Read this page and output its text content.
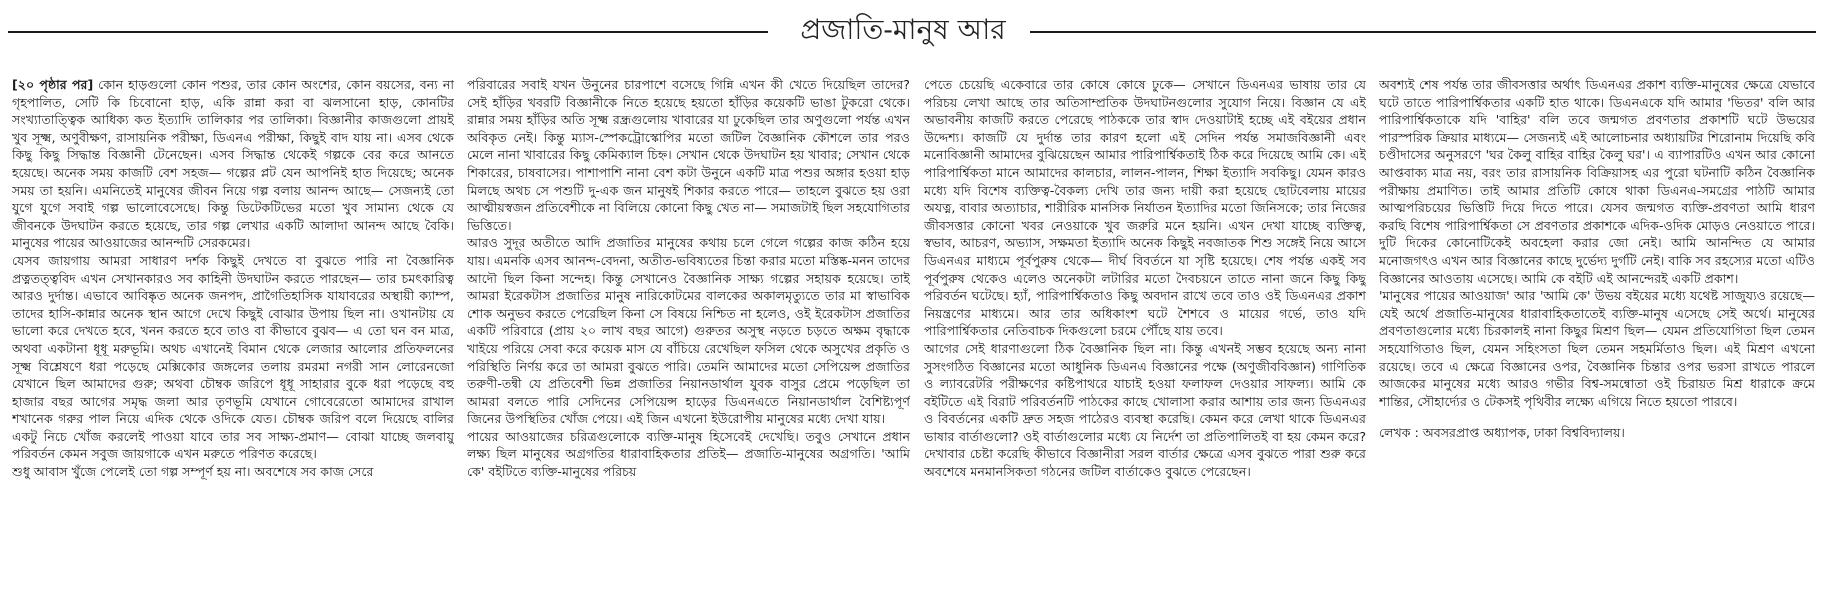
প্রজাতি-মানুষ আর

[২০ পৃষ্ঠার পর] কোন হাড়গুলো কোন পশুর, তার কোন অংশের, কোন বয়সের, বন্য না গৃহপালিত, সেটি কি চিবোনো হাড়, একি রান্না করা বা ঝলসানো হাড়, কোনটির সংখ্যাতাত্ত্বিক আধিক্য কত ইত্যাদি তালিকার পর তালিকা। বিজ্ঞানীর কাজগুলো প্রায়ই খুব সূক্ষ্ম, অণুবীক্ষণ, রাসায়নিক পরীক্ষা, ডিএনএ পরীক্ষা, কিছুই বাদ যায় না। এসব থেকে কিছু কিছু সিদ্ধান্ত বিজ্ঞানী টেনেছেন। এসব সিদ্ধান্ত থেকেই গল্পকে বের করে আনতে হয়েছে। অনেক সময় কাজটি বেশ সহজ— গল্পের প্লট যেন আপনিই হাত দিয়েছে; অনেক সময় তা হয়নি। এমনিতেই মানুষের জীবন নিয়ে গল্প বলায় আনন্দ আছে— সেজন্যই তো যুগে যুগে সবাই গল্প ভালোবেসেছে। কিন্তু ডিটেকটিভের মতো খুব সামান্য থেকে যে জীবনকে উদঘাটন করতে হয়েছে, তার গল্প লেখার একটি আলাদা আনন্দ আছে বৈকি। মানুষের পায়ের আওয়াজের আনন্দটি সেরকমের।

যেসব জায়গায় আমরা সাধারণ দর্শক কিছুই দেখতে বা বুঝতে পারি না বৈজ্ঞানিক প্রত্নতত্ত্ববিদ এখন সেখানকারও সব কাহিনী উদঘাটন করতে পারছেন— তার চমৎকারিত্ব আরও দুর্দান্ত। এভাবে আবিষ্কৃত অনেক জনপদ, প্রাগৈতিহাসিক যাযাবরের অস্থায়ী ক্যাম্প, তাদের হাসি-কান্নার অনেক স্থান আগে দেখে কিছুই বোঝার উপায় ছিল না। ওখানটায় যে ভালো করে দেখতে হবে, খনন করতে হবে তাও বা কীভাবে বুঝব— এ তো ঘন বন মাত্র, অথবা একটানা ধূধূ মরুভূমি। অথচ এখানেই বিমান থেকে লেজার আলোর প্রতিফলনের সূক্ষ্ম বিশ্লেষণে ধরা পড়েছে মেক্সিকোর জঙ্গলের তলায় রমরমা নগরী সান লোরেনজো যেখানে ছিল আমাদের গুরু; অথবা চৌম্বক জরিপে ধূধূ সাহারার বুকে ধরা পড়েছে বহু হাজার বছর আগের সমৃদ্ধ জলা আর তৃণভূমি যেখানে গোবেরেতো আমাদের রাখাল শখানেক গরুর পাল নিয়ে এদিক থেকে ওদিকে যেত। চৌম্বক জরিপ বলে দিয়েছে বালির একটু নিচে খোঁজ করলেই পাওয়া যাবে তার সব সাক্ষ্য-প্রমাণ— বোঝা যাচ্ছে জলবায়ু পরিবর্তন কেমন সবুজ জায়গাকে এখন মরুতে পরিণত করেছে।

শুধু আবাস খুঁজে পেলেই তো গল্প সম্পূর্ণ হয় না। অবশেষে সব কাজ সেরে

পরিবারের সবাই যখন উনুনের চারপাশে বসেছে গিন্নি এখন কী খেতে দিয়েছিল তাদের? সেই হাঁড়ির খবরটি বিজ্ঞানীকে নিতে হয়েছে হয়তো হাঁড়ির কয়েকটি ভাঙা টুকরো থেকে। রান্নার সময় হাঁড়ির অতি সূক্ষ্ম রন্ধ্রগুলোয় খাবারের যা ঢুকেছিল তার অণুগুলো পর্যন্ত এখন অবিকৃত নেই। কিন্তু ম্যাস-স্পেকট্রোস্কোপির মতো জটিল বৈজ্ঞানিক কৌশলে তার পরও মেলে নানা খাবারের কিছু কেমিক্যাল চিহ্ন। সেখান থেকে উদঘাটন হয় খাবার; সেখান থেকে শিকারের, চাষবাসের। পাশাপাশি নানা বেশ কটা উনুনে একটি মাত্র পশুর অঙ্গার হওয়া হাড় মিলছে অথচ সে পশুটি দু-এক জন মানুষই শিকার করতে পারে— তাহলে বুঝতে হয় ওরা আত্মীয়স্বজন প্রতিবেশীকে না বিলিয়ে কোনো কিছু খেত না— সমাজটাই ছিল সহযোগিতার ভিত্তিতে।

আরও সুদূর অতীতে আদি প্রজাতির মানুষের কথায় চলে গেলে গল্পের কাজ কঠিন হয়ে যায়। এমনকি এসব আনন্দ-বেদনা, অতীত-ভবিষ্যতের চিন্তা করার মতো মস্তিষ্ক-মনন তাদের আদৌ ছিল কিনা সন্দেহ। কিন্তু সেখানেও বৈজ্ঞানিক সাক্ষ্য গল্পের সহায়ক হয়েছে। তাই আমরা ইরেকটাস প্রজাতির মানুষ নারিকোটমের বালকের অকালমৃত্যুতে তার মা স্বাভাবিক শোক অনুভব করতে পেরেছিল কিনা সে বিষয়ে নিশ্চিত না হলেও, ওই ইরেকটাস প্রজাতির একটি পরিবারে (প্রায় ২০ লাখ বছর আগে) গুরুতর অসুস্থ নড়তে চড়তে অক্ষম বৃদ্ধাকে খাইয়ে পরিয়ে সেবা করে কয়েক মাস যে বাঁচিয়ে রেখেছিল ফসিল থেকে অসুখের প্রকৃতি ও পরিস্থিতি নির্ণয় করে তা আমরা বুঝতে পারি। তেমনি আমাদের মতো সেপিয়েন্স প্রজাতির তরুণী-তন্বী যে প্রতিবেশী ভিন্ন প্রজাতির নিয়ানডার্থাল যুবক বাসুর প্রেমে পড়েছিল তা আমরা বলতে পারি সেদিনের সেপিয়েন্স হাড়ের ডিএনএতে নিয়ানডার্থাল বৈশিষ্ট্যপূর্ণ জিনের উপস্থিতির খোঁজ পেয়ে। এই জিন এখনো ইউরোপীয় মানুষের মধ্যে দেখা যায়।

পায়ের আওয়াজের চরিত্রগুলোকে ব্যক্তি-মানুষ হিসেবেই দেখেছি। তবুও সেখানে প্রধান লক্ষ্য ছিল মানুষের অগ্রগতির ধারাবাহিকতার প্রতিই— প্রজাতি-মানুষের অগ্রগতি। 'আমি কে' বইটিতে ব্যক্তি-মানুষের পরিচয়

পেতে চেয়েছি একেবারে তার কোষে কোষে ঢুকে— সেখানে ডিএনএর ভাষায় তার যে পরিচয় লেখা আছে তার অতিসাম্প্রতিক উদঘাটনগুলোর সুযোগ নিয়ে। বিজ্ঞান যে এই অভাবনীয় কাজটি করতে পেরেছে পাঠককে তার স্বাদ দেওয়াটাই হচ্ছে এই বইয়ের প্রধান উদ্দেশ্য। কাজটি যে দুর্দান্ত তার কারণ হলো এই সেদিন পর্যন্ত সমাজবিজ্ঞানী এবং মনোবিজ্ঞানী আমাদের বুঝিয়েছেন আমার পারিপার্শ্বিকতাই ঠিক করে দিয়েছে আমি কে। এই পারিপার্শ্বিকতা মানে আমাদের কালচার, লালন-পালন, শিক্ষা ইত্যাদি সবকিছু। যেমন কারও মধ্যে যদি বিশেষ ব্যক্তিত্ব-বৈকল্য দেখি তার জন্য দায়ী করা হয়েছে ছোটবেলায় মায়ের অযত্ন, বাবার অত্যাচার, শারীরিক মানসিক নির্যাতন ইত্যাদির মতো জিনিসকে; তার নিজের জীবসত্তার কোনো খবর নেওয়াকে খুব জরুরি মনে হয়নি। এখন দেখা যাচ্ছে ব্যক্তিত্ব, স্বভাব, আচরণ, অভ্যাস, সক্ষমতা ইত্যাদি অনেক কিছুই নবজাতক শিশু সঙ্গেই নিয়ে আসে ডিএনএর মাধ্যমে পূর্বপুরুষ থেকে— দীর্ঘ বিবর্তনে যা সৃষ্টি হয়েছে। শেষ পর্যন্ত একই সব পূর্বপুরুষ থেকেও এলেও অনেকটা লটারির মতো দৈবচয়নে তাতে নানা জনে কিছু কিছু পরিবর্তন ঘটেছে। হ্যাঁ, পারিপার্শ্বিকতাও কিছু অবদান রাখে তবে তাও ওই ডিএনএর প্রকাশ নিয়ন্ত্রণের মাধ্যমে। আর তার অধিকাংশ ঘটে শৈশবে ও মায়ের গর্ভে, তাও যদি পারিপার্শ্বিকতার নেতিবাচক দিকগুলো চরমে পৌঁছে যায় তবে।

আগের সেই ধারণাগুলো ঠিক বৈজ্ঞানিক ছিল না। কিন্তু এখনই সম্ভব হয়েছে অন্য নানা সুসংগঠিত বিজ্ঞানের মতো আধুনিক ডিএনএ বিজ্ঞানের পক্ষে (অণুজীববিজ্ঞান) গাণিতিক ও ল্যাবরেটরি পরীক্ষণের কষ্টিপাথরে যাচাই হওয়া ফলাফল দেওয়ার সাফল্য। আমি কে বইটিতে এই বিরাট পরিবর্তনটি পাঠকের কাছে খোলাসা করার আশায় তার জন্য ডিএনএর ও বিবর্তনের একটি দ্রুত সহজ পাঠেরও ব্যবস্থা করেছি। কেমন করে লেখা থাকে ডিএনএর ভাষার বার্তাগুলো? ওই বার্তাগুলোর মধ্যে যে নির্দেশ তা প্রতিপালিতই বা হয় কেমন করে? দেখাবার চেষ্টা করেছি কীভাবে বিজ্ঞানীরা সরল বার্তার ক্ষেত্রে এসব বুঝতে পারা শুরু করে অবশেষে মনমানসিকতা গঠনের জটিল বার্তাকেও বুঝতে পেরেছেন।

অবশ্যই শেষ পর্যন্ত তার জীবসত্তার অর্থাৎ ডিএনএর প্রকাশ ব্যক্তি-মানুষের ক্ষেত্রে যেভাবে ঘটে তাতে পারিপার্শ্বিকতার একটি হাত থাকে। ডিএনএকে যদি আমার 'ভিতর' বলি আর পারিপার্শ্বিকতাকে যদি 'বাহির' বলি তবে জন্মগত প্রবণতার প্রকাশটি ঘটে উভয়ের পারস্পরিক ক্রিয়ার মাধ্যমে— সেজন্যই এই আলোচনার অধ্যায়টির শিরোনাম দিয়েছি কবি চণ্ডীদাসের অনুসরণে 'ঘর কৈলু বাহির বাহির কৈলু ঘর'। এ ব্যাপারটিও এখন আর কোনো আপ্তবাক্য মাত্র নয়, বরং তার রাসায়নিক বিক্রিয়াসহ এর পুরো ঘটনাটি কঠিন বৈজ্ঞানিক পরীক্ষায় প্রমাণিত। তাই আমার প্রতিটি কোষে থাকা ডিএনএ-সমগ্রের পাঠটি আমার আত্মপরিচয়ের ভিত্তিটি দিয়ে দিতে পারে। যেসব জন্মগত ব্যক্তি-প্রবণতা আমি ধারণ করছি বিশেষ পারিপার্শ্বিকতা সে প্রবণতার প্রকাশকে এদিক-ওদিক মোড়ও নেওয়াতে পারে। দুটি দিকের কোনোটিকেই অবহেলা করার জো নেই। আমি আনন্দিত যে আমার মনোজগৎও এখন আর বিজ্ঞানের কাছে দুর্ভেদ্য দুর্গটি নেই। বাকি সব রহস্যের মতো এটিও বিজ্ঞানের আওতায় এসেছে। আমি কে বইটি এই আনন্দেরই একটি প্রকাশ।

'মানুষের পায়ের আওয়াজ' আর 'আমি কে' উভয় বইয়ের মধ্যে যথেষ্ট সাজুয্যও রয়েছে— যেই অর্থে প্রজাতি-মানুষের ধারাবাহিকতাতেই ব্যক্তি-মানুষ এসেছে সেই অর্থে। মানুষের প্রবণতাগুলোর মধ্যে চিরকালই নানা কিছুর মিশ্রণ ছিল— যেমন প্রতিযোগিতা ছিল তেমন সহযোগিতাও ছিল, যেমন সহিংসতা ছিল তেমন সহমর্মিতাও ছিল। এই মিশ্রণ এখনো রয়েছে। তবে এ ক্ষেত্রে বিজ্ঞানের ওপর, বৈজ্ঞানিক চিন্তার ওপর ভরসা রাখতে পারলে আজকের মানুষের মধ্যে আরও গভীর বিশ্ব-সমন্বোতা ওই চিরায়ত মিশ্র ধারাকে ক্রমে শান্তির, সৌহার্দ্যের ও টেকসই পৃথিবীর লক্ষ্যে এগিয়ে নিতে হয়তো পারবে।

লেখক : অবসরপ্রাপ্ত অধ্যাপক, ঢাকা বিশ্ববিদ্যালয়।
